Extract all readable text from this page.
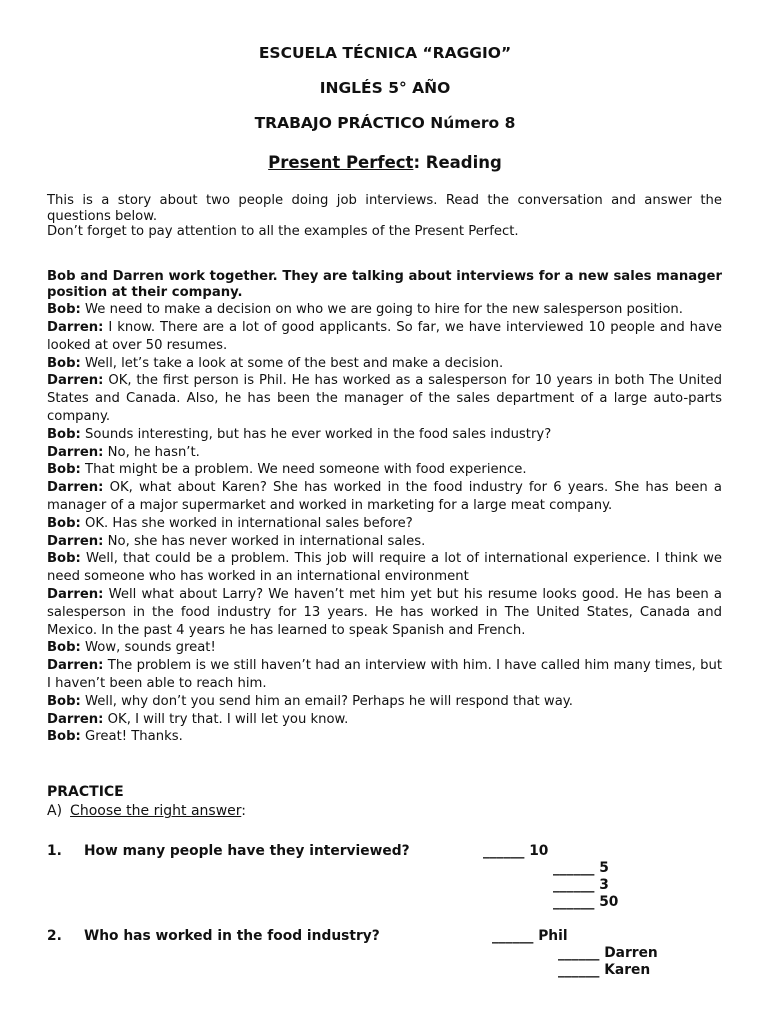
ESCUELA TÉCNICA “RAGGIO”
INGLÉS 5° AÑO
TRABAJO PRÁCTICO Número 8
Present Perfect: Reading

This is a story about two people doing job interviews. Read the conversation and answer the questions below.

Don’t forget to pay attention to all the examples of the Present Perfect.

Bob and Darren work together. They are talking about interviews for a new sales manager position at their company.

Bob: We need to make a decision on who we are going to hire for the new salesperson position.

Darren: I know. There are a lot of good applicants. So far, we have interviewed 10 people and have looked at over 50 resumes.

Bob: Well, let’s take a look at some of the best and make a decision.

Darren: OK, the first person is Phil. He has worked as a salesperson for 10 years in both The United States and Canada. Also, he has been the manager of the sales department of a large auto-parts company.

Bob: Sounds interesting, but has he ever worked in the food sales industry?

Darren: No, he hasn’t.

Bob: That might be a problem. We need someone with food experience.

Darren: OK, what about Karen? She has worked in the food industry for 6 years. She has been a manager of a major supermarket and worked in marketing for a large meat company.

Bob: OK. Has she worked in international sales before?

Darren: No, she has never worked in international sales.

Bob: Well, that could be a problem. This job will require a lot of international experience. I think we need someone who has worked in an international environment

Darren: Well what about Larry? We haven’t met him yet but his resume looks good. He has been a salesperson in the food industry for 13 years. He has worked in The United States, Canada and Mexico. In the past 4 years he has learned to speak Spanish and French.

Bob: Wow, sounds great!

Darren: The problem is we still haven’t had an interview with him. I have called him many times, but I haven’t been able to reach him.

Bob: Well, why don’t you send him an email? Perhaps he will respond that way.

Darren: OK, I will try that. I will let you know.

Bob: Great! Thanks.

PRACTICE
A) Choose the right answer:
1. How many people have they interviewed?	______ 10
______ 5
______ 3
______ 50
2. Who has worked in the food industry?	______ Phil
______ Darren
______ Karen
